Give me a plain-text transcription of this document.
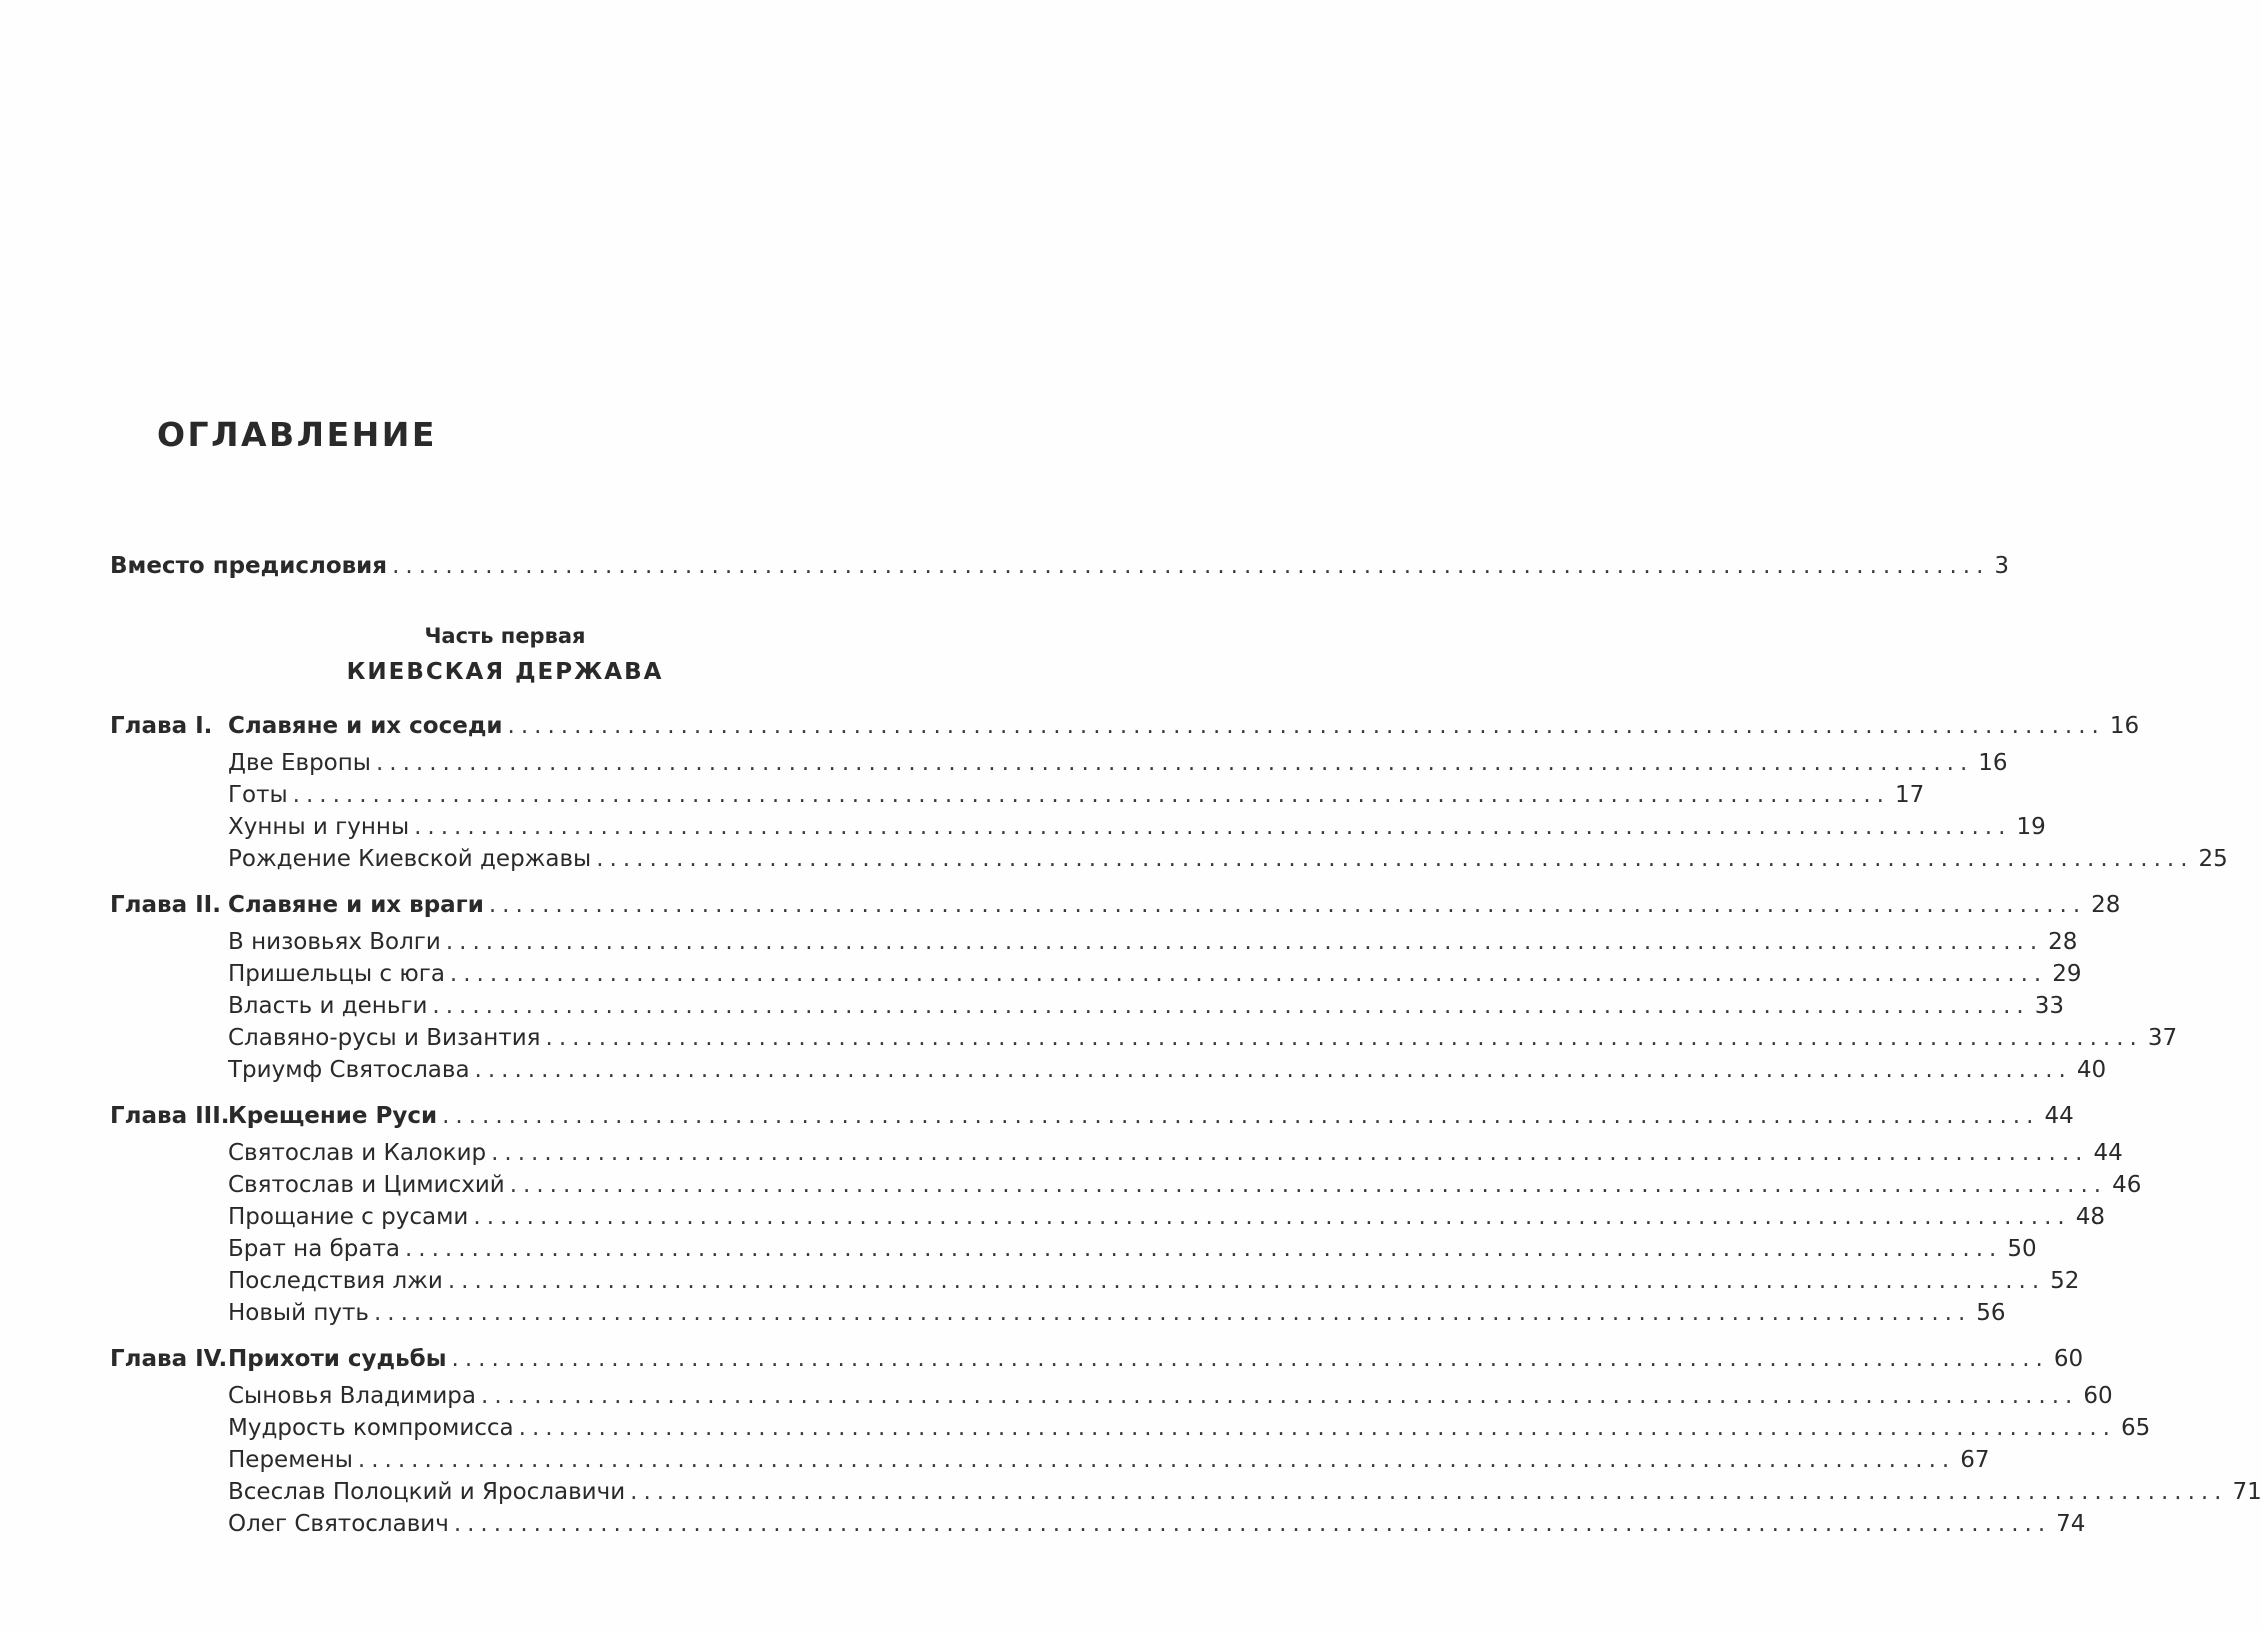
ОГЛАВЛЕНИЕ
Вместо предисловия ........................................................................................................................ 3
Часть первая
КИЕВСКАЯ ДЕРЖАВА
Глава I. Славяне и их соседи ........................................................................................................................ 16
Две Европы ........................................................................................................................ 16
Готы ........................................................................................................................ 17
Хунны и гунны ........................................................................................................................ 19
Рождение Киевской державы ........................................................................................................................ 25
Глава II. Славяне и их враги ........................................................................................................................ 28
В низовьях Волги ........................................................................................................................ 28
Пришельцы с юга ........................................................................................................................ 29
Власть и деньги ........................................................................................................................ 33
Славяно-русы и Византия ........................................................................................................................ 37
Триумф Святослава ........................................................................................................................ 40
Глава III.
Крещение Руси ........................................................................................................................ 44
Святослав и Калокир ........................................................................................................................ 44
Святослав и Цимисхий ........................................................................................................................ 46
Прощание с русами ........................................................................................................................ 48
Брат на брата ........................................................................................................................ 50
Последствия лжи ........................................................................................................................ 52
Новый путь ........................................................................................................................ 56
Глава IV. Прихоти судьбы ........................................................................................................................ 60
Сыновья Владимира ........................................................................................................................ 60
Мудрость компромисса ........................................................................................................................ 65
Перемены ........................................................................................................................ 67
Всеслав Полоцкий и Ярославичи ........................................................................................................................ 71
Олег Святославич ........................................................................................................................ 74
